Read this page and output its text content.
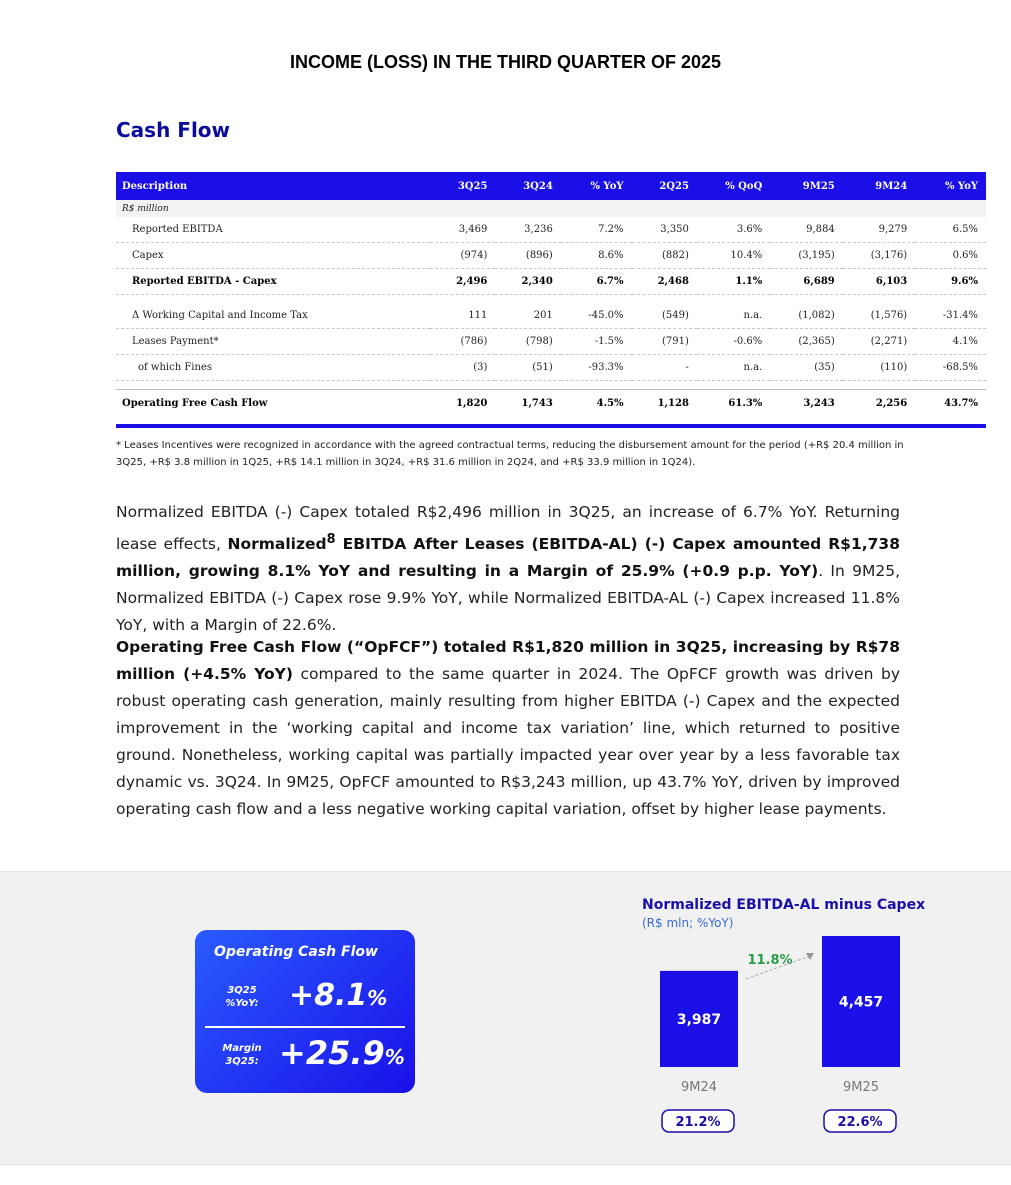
INCOME (LOSS) IN THE THIRD QUARTER OF 2025
Cash Flow
Description	3Q25	3Q24	% YoY	2Q25	% QoQ	9M25	9M24	% YoY
R$ million								
Reported EBITDA	3,469	3,236	7.2%	3,350	3.6%	9,884	9,279	6.5%
Capex	(974)	(896)	8.6%	(882)	10.4%	(3,195)	(3,176)	0.6%
Reported EBITDA - Capex	2,496	2,340	6.7%	2,468	1.1%	6,689	6,103	9.6%

Δ Working Capital and Income Tax	111	201	-45.0%	(549)	n.a.	(1,082)	(1,576)	-31.4%
Leases Payment*	(786)	(798)	-1.5%	(791)	-0.6%	(2,365)	(2,271)	4.1%
of which Fines	(3)	(51)	-93.3%	-	n.a.	(35)	(110)	-68.5%

Operating Free Cash Flow	1,820	1,743	4.5%	1,128	61.3%	3,243	2,256	43.7%
* Leases Incentives were recognized in accordance with the agreed contractual terms, reducing the disbursement amount for the period (+R$ 20.4 million in 3Q25, +R$ 3.8 million in 1Q25, +R$ 14.1 million in 3Q24, +R$ 31.6 million in 2Q24, and +R$ 33.9 million in 1Q24).

Normalized EBITDA (-) Capex totaled R$2,496 million in 3Q25, an increase of 6.7% YoY. Returning lease effects, Normalized$^8$ EBITDA After Leases (EBITDA-AL) (-) Capex amounted R$1,738 million, growing 8.1% YoY and resulting in a Margin of 25.9% (+0.9 p.p. YoY). In 9M25, Normalized EBITDA (-) Capex rose 9.9% YoY, while Normalized EBITDA-AL (-) Capex increased 11.8% YoY, with a Margin of 22.6%.

Operating Free Cash Flow (“OpFCF”) totaled R$1,820 million in 3Q25, increasing by R$78 million (+4.5% YoY) compared to the same quarter in 2024. The OpFCF growth was driven by robust operating cash generation, mainly resulting from higher EBITDA (-) Capex and the expected improvement in the ‘working capital and income tax variation’ line, which returned to positive ground. Nonetheless, working capital was partially impacted year over year by a less favorable tax dynamic vs. 3Q24. In 9M25, OpFCF amounted to R$3,243 million, up 43.7% YoY, driven by improved operating cash flow and a less negative working capital variation, offset by higher lease payments.

Operating Cash Flow
3Q25
%YoY: +8.1%
Margin
3Q25: +25.9%
Normalized EBITDA-AL minus Capex
(R$ mln; %YoY)
3,987
9M24
21.2%
4,457
9M25
22.6%
11.8%
